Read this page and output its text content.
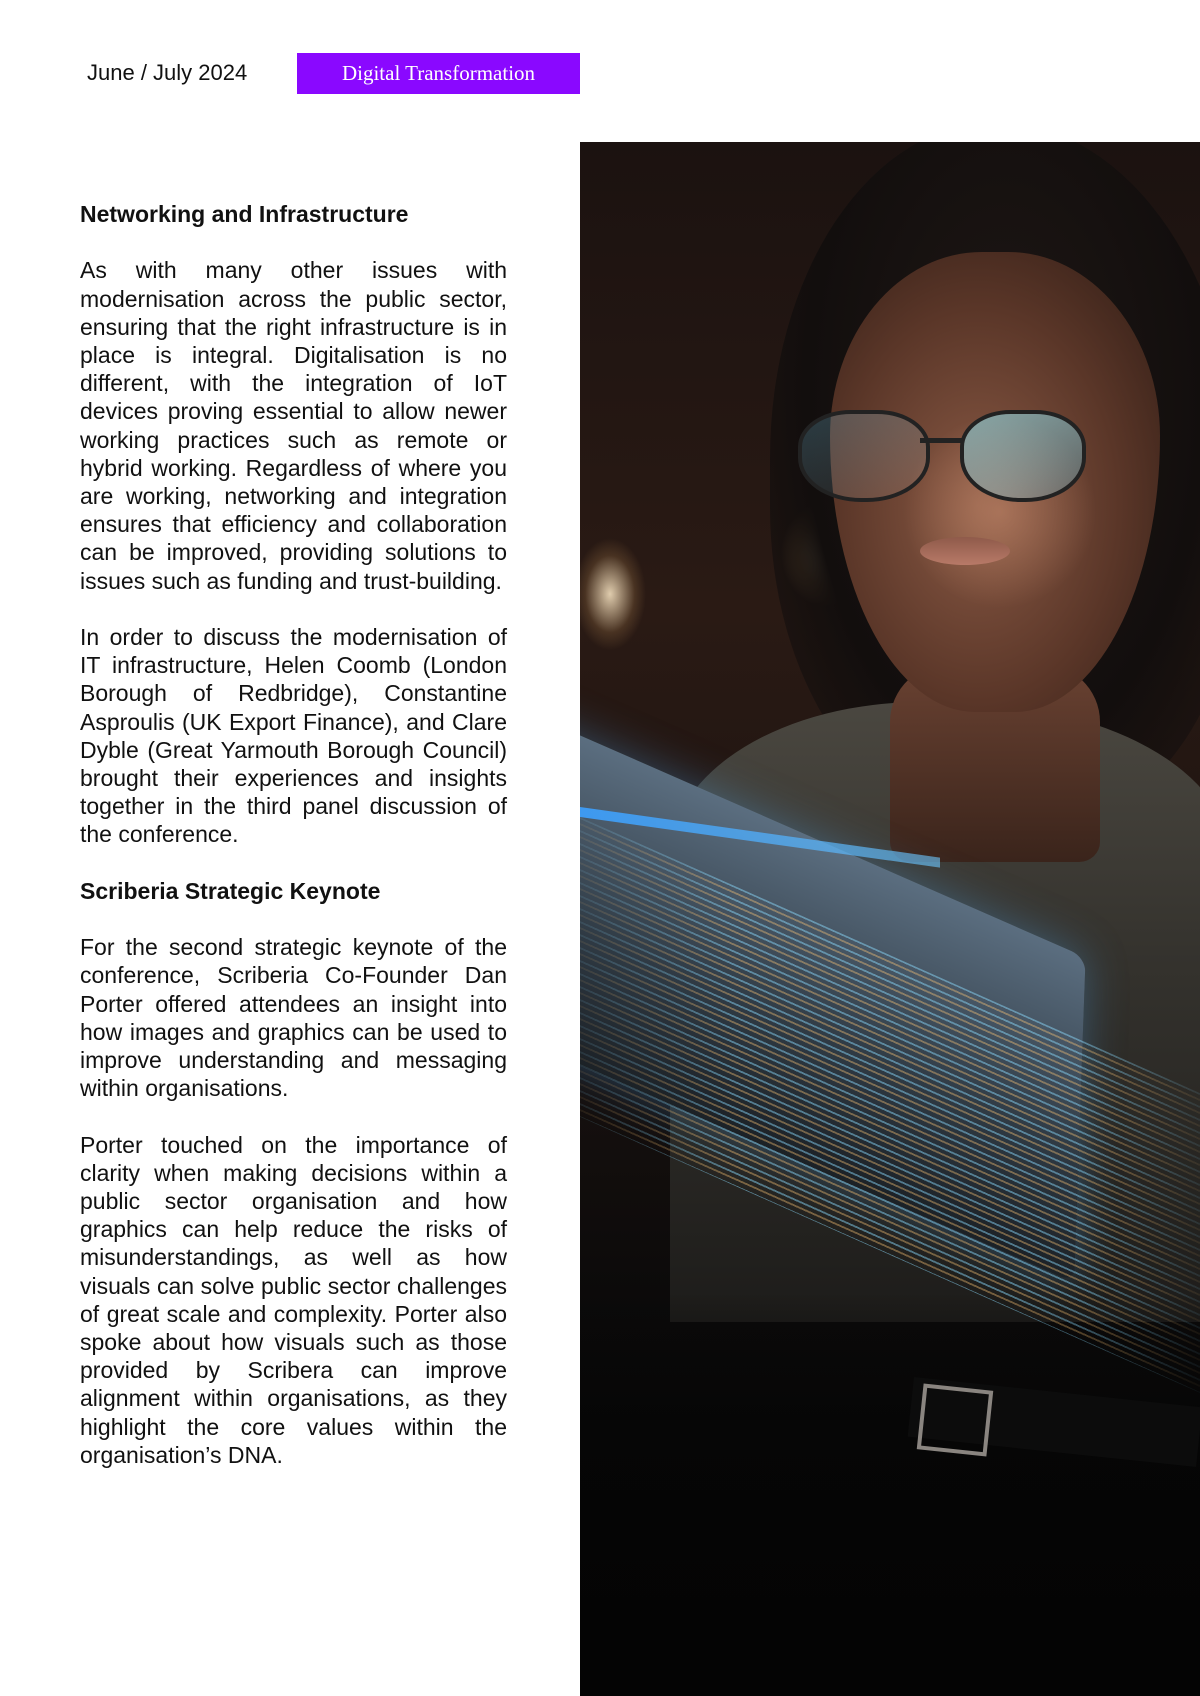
June / July 2024	Digital Transformation
Networking and Infrastructure

As with many other issues with modernisation across the public sector, ensuring that the right infrastructure is in place is integral. Digitalisation is no different, with the integration of IoT devices proving essential to allow newer working practices such as remote or hybrid working. Regardless of where you are working, networking and integration ensures that efficiency and collaboration can be improved, providing solutions to issues such as funding and trust-building.

In order to discuss the modernisation of IT infrastructure, Helen Coomb (London Borough of Redbridge), Constantine Asproulis (UK Export Finance), and Clare Dyble (Great Yarmouth Borough Council) brought their experiences and insights together in the third panel discussion of the conference.

Scriberia Strategic Keynote

For the second strategic keynote of the conference, Scriberia Co-Founder Dan Porter offered attendees an insight into how images and graphics can be used to improve understanding and messaging within organisations.

Porter touched on the importance of clarity when making decisions within a public sector organisation and how graphics can help reduce the risks of misunderstandings, as well as how visuals can solve public sector challenges of great scale and complexity. Porter also spoke about how visuals such as those provided by Scribera can improve alignment within organisations, as they highlight the core values within the organisation’s DNA.
